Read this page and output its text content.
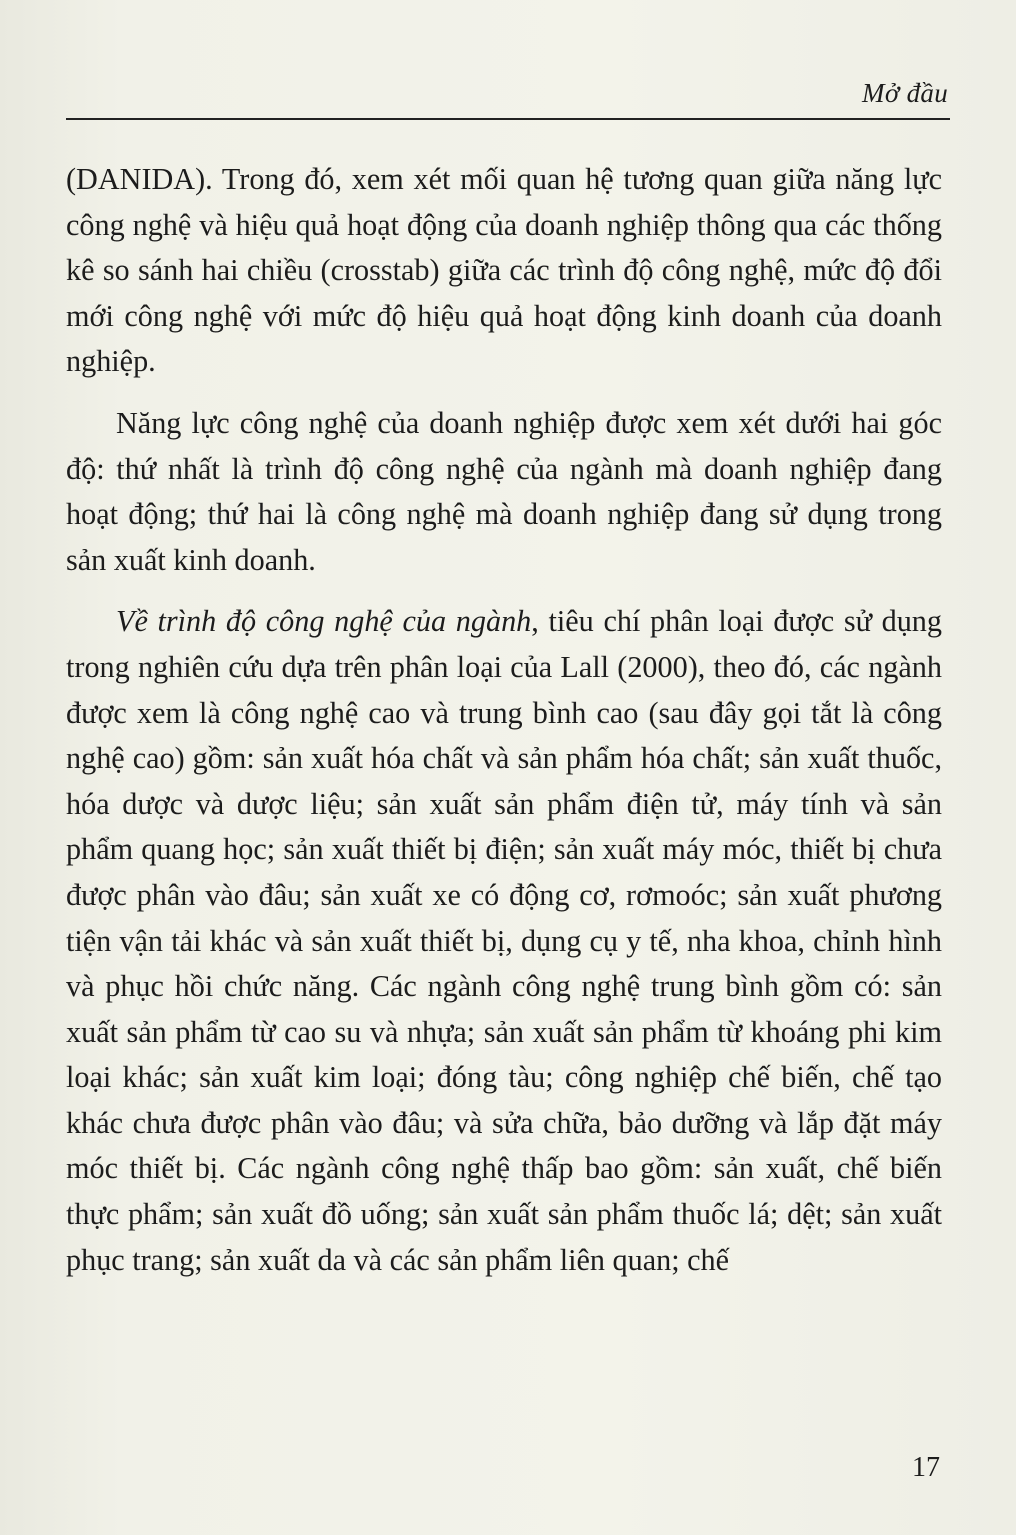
Mở đầu

(DANIDA). Trong đó, xem xét mối quan hệ tương quan giữa năng lực công nghệ và hiệu quả hoạt động của doanh nghiệp thông qua các thống kê so sánh hai chiều (crosstab) giữa các trình độ công nghệ, mức độ đổi mới công nghệ với mức độ hiệu quả hoạt động kinh doanh của doanh nghiệp.

Năng lực công nghệ của doanh nghiệp được xem xét dưới hai góc độ: thứ nhất là trình độ công nghệ của ngành mà doanh nghiệp đang hoạt động; thứ hai là công nghệ mà doanh nghiệp đang sử dụng trong sản xuất kinh doanh.

Về trình độ công nghệ của ngành, tiêu chí phân loại được sử dụng trong nghiên cứu dựa trên phân loại của Lall (2000), theo đó, các ngành được xem là công nghệ cao và trung bình cao (sau đây gọi tắt là công nghệ cao) gồm: sản xuất hóa chất và sản phẩm hóa chất; sản xuất thuốc, hóa dược và dược liệu; sản xuất sản phẩm điện tử, máy tính và sản phẩm quang học; sản xuất thiết bị điện; sản xuất máy móc, thiết bị chưa được phân vào đâu; sản xuất xe có động cơ, rơmoóc; sản xuất phương tiện vận tải khác và sản xuất thiết bị, dụng cụ y tế, nha khoa, chỉnh hình và phục hồi chức năng. Các ngành công nghệ trung bình gồm có: sản xuất sản phẩm từ cao su và nhựa; sản xuất sản phẩm từ khoáng phi kim loại khác; sản xuất kim loại; đóng tàu; công nghiệp chế biến, chế tạo khác chưa được phân vào đâu; và sửa chữa, bảo dưỡng và lắp đặt máy móc thiết bị. Các ngành công nghệ thấp bao gồm: sản xuất, chế biến thực phẩm; sản xuất đồ uống; sản xuất sản phẩm thuốc lá; dệt; sản xuất phục trang; sản xuất da và các sản phẩm liên quan; chế

17
